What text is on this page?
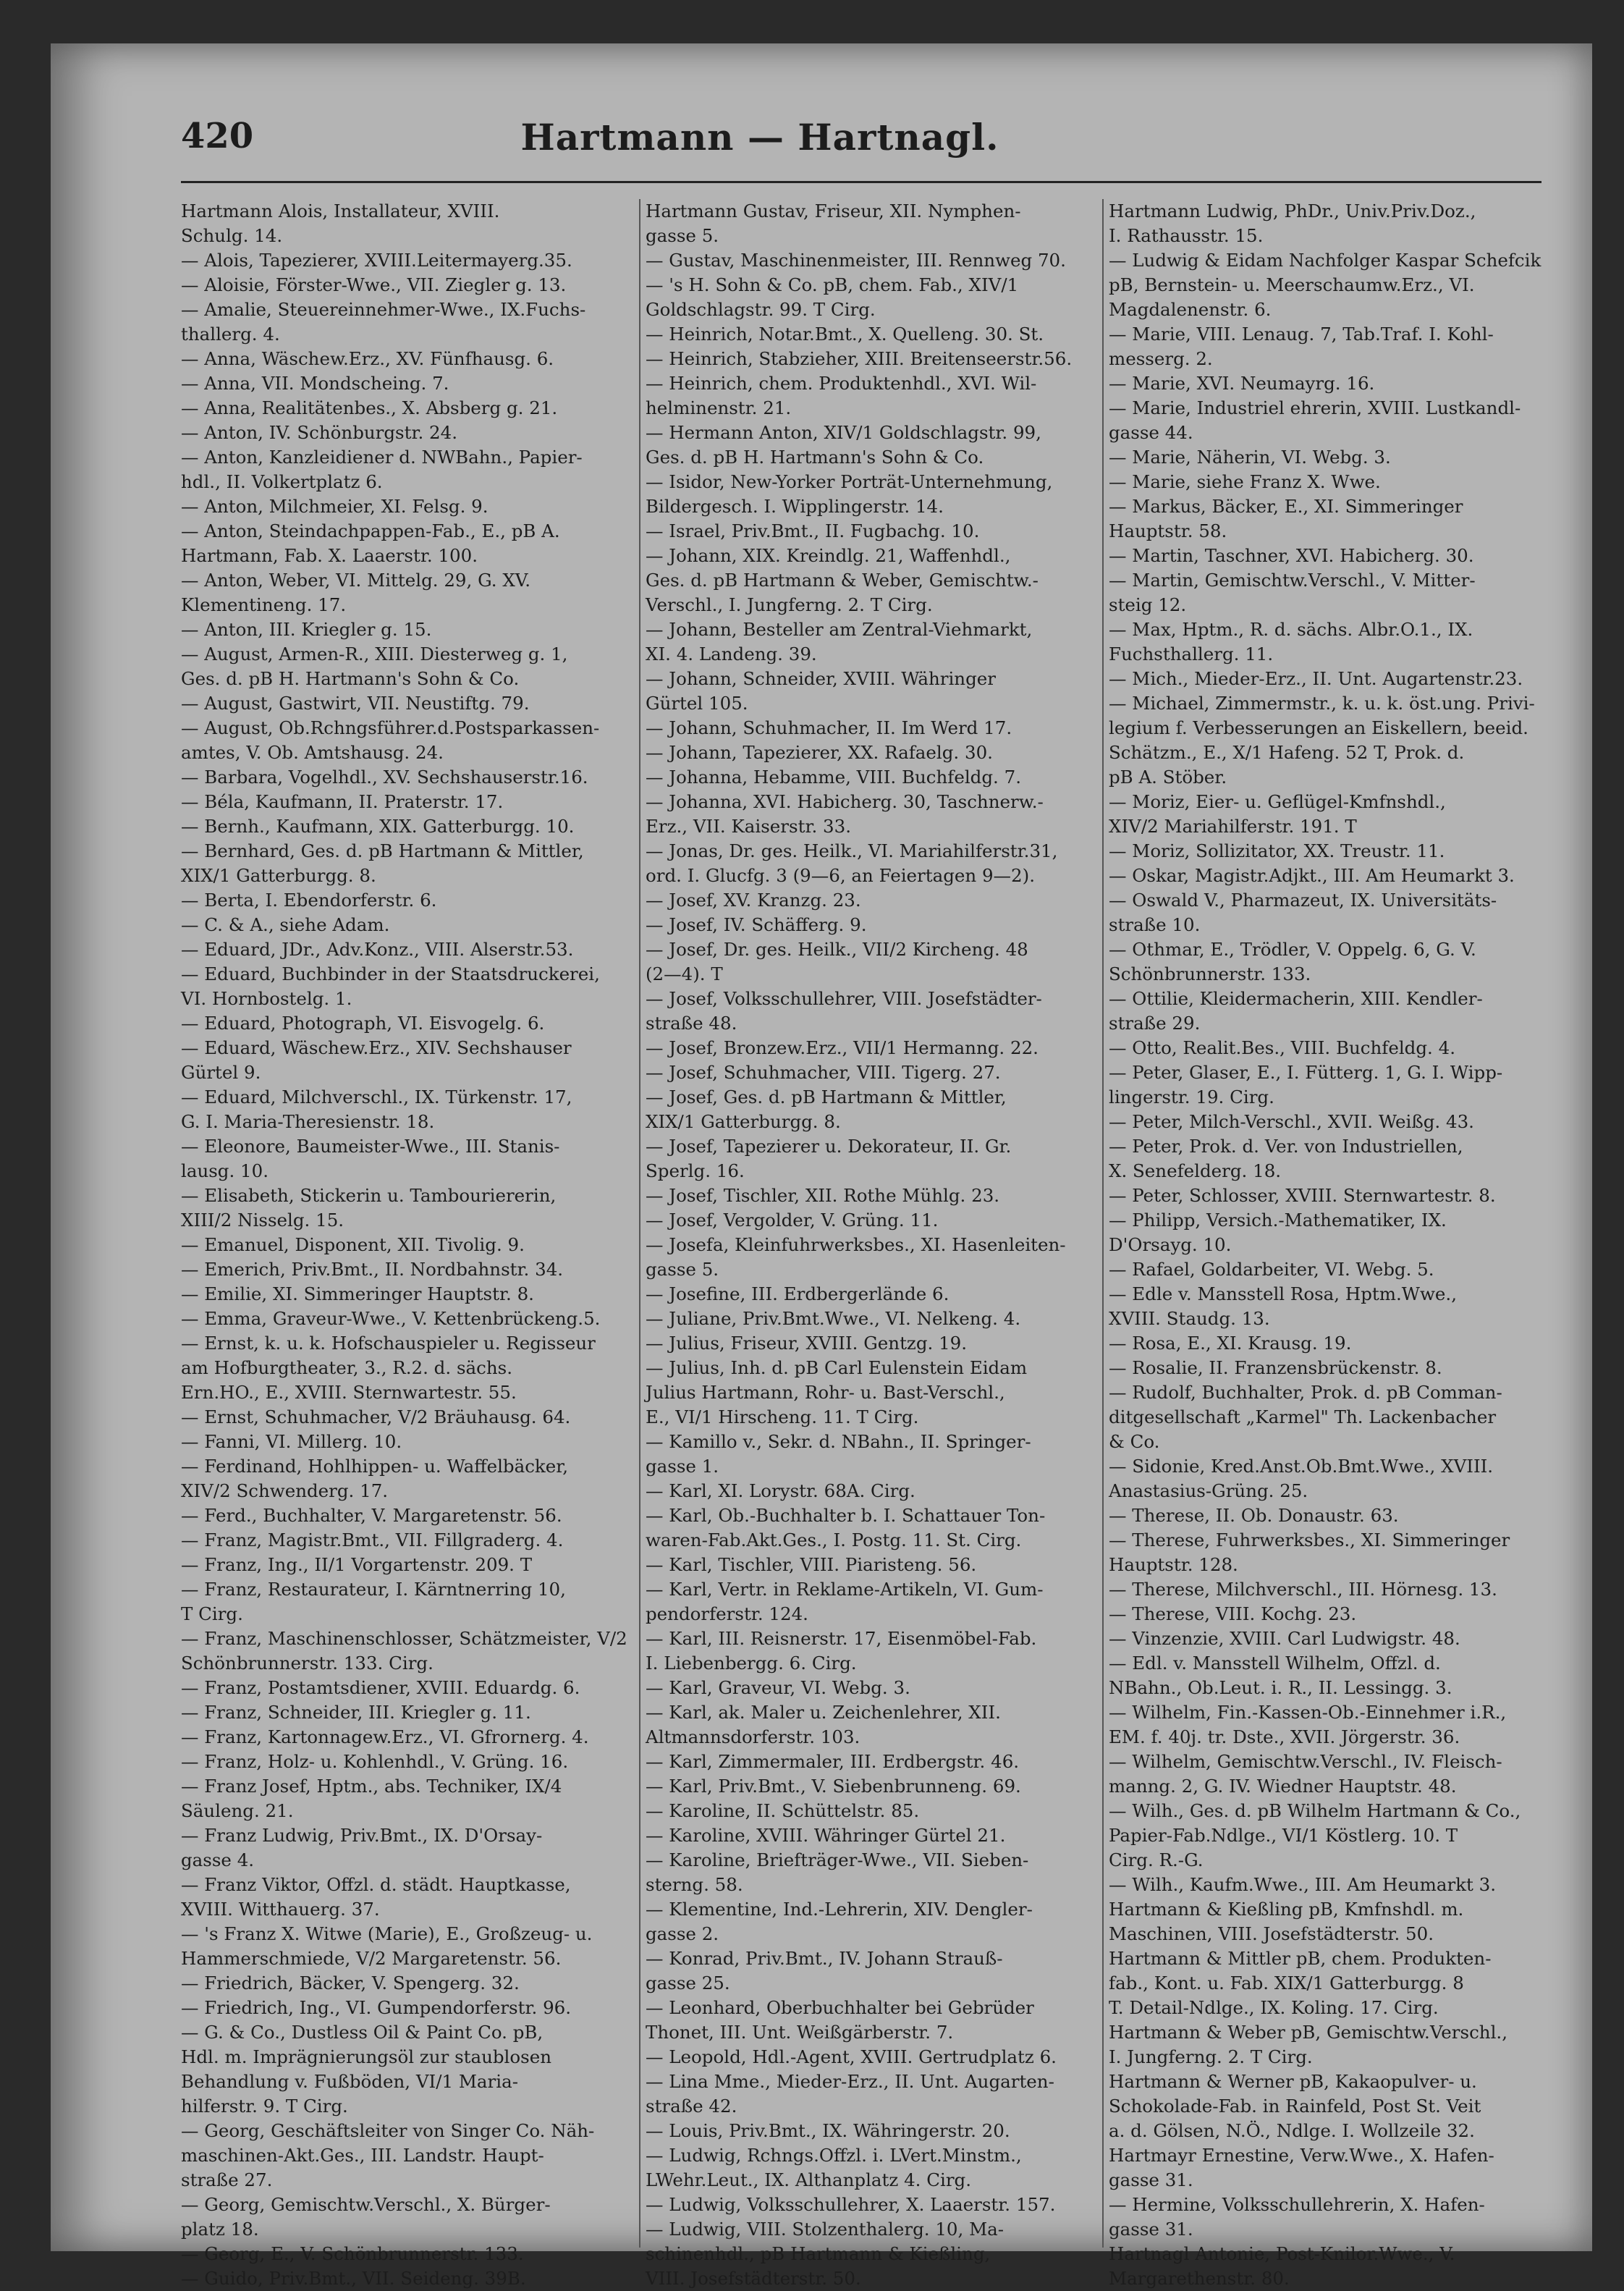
420	Hartmann — Hartnagl.
Hartmann Alois, Installateur, XVIII.
Schulg. 14.
— Alois, Tapezierer, XVIII.Leitermayerg.35.
— Aloisie, Förster-Wwe., VII. Ziegler g. 13.
— Amalie, Steuereinnehmer-Wwe., IX.Fuchs-
thallerg. 4.
— Anna, Wäschew.Erz., XV. Fünfhausg. 6.
— Anna, VII. Mondscheing. 7.
— Anna, Realitätenbes., X. Absberg g. 21.
— Anton, IV. Schönburgstr. 24.
— Anton, Kanzleidiener d. NWBahn., Papier-
hdl., II. Volkertplatz 6.
— Anton, Milchmeier, XI. Felsg. 9.
— Anton, Steindachpappen-Fab., E., pB A.
Hartmann, Fab. X. Laaerstr. 100.
— Anton, Weber, VI. Mittelg. 29, G. XV.
Klementineng. 17.
— Anton, III. Kriegler g. 15.
— August, Armen-R., XIII. Diesterweg g. 1,
Ges. d. pB H. Hartmann's Sohn & Co.
— August, Gastwirt, VII. Neustiftg. 79.
— August, Ob.Rchngsführer.d.Postsparkassen-
amtes, V. Ob. Amtshausg. 24.
— Barbara, Vogelhdl., XV. Sechshauserstr.16.
— Béla, Kaufmann, II. Praterstr. 17.
— Bernh., Kaufmann, XIX. Gatterburgg. 10.
— Bernhard, Ges. d. pB Hartmann & Mittler,
XIX/1 Gatterburgg. 8.
— Berta, I. Ebendorferstr. 6.
— C. & A., siehe Adam.
— Eduard, JDr., Adv.Konz., VIII. Alserstr.53.
— Eduard, Buchbinder in der Staatsdruckerei,
VI. Hornbostelg. 1.
— Eduard, Photograph, VI. Eisvogelg. 6.
— Eduard, Wäschew.Erz., XIV. Sechshauser
Gürtel 9.
— Eduard, Milchverschl., IX. Türkenstr. 17,
G. I. Maria-Theresienstr. 18.
— Eleonore, Baumeister-Wwe., III. Stanis-
lausg. 10.
— Elisabeth, Stickerin u. Tambouriererin,
XIII/2 Nisselg. 15.
— Emanuel, Disponent, XII. Tivolig. 9.
— Emerich, Priv.Bmt., II. Nordbahnstr. 34.
— Emilie, XI. Simmeringer Hauptstr. 8.
— Emma, Graveur-Wwe., V. Kettenbrückeng.5.
— Ernst, k. u. k. Hofschauspieler u. Regisseur
am Hofburgtheater, 3., R.2. d. sächs.
Ern.HO., E., XVIII. Sternwartestr. 55.
— Ernst, Schuhmacher, V/2 Bräuhausg. 64.
— Fanni, VI. Millerg. 10.
— Ferdinand, Hohlhippen- u. Waffelbäcker,
XIV/2 Schwenderg. 17.
— Ferd., Buchhalter, V. Margaretenstr. 56.
— Franz, Magistr.Bmt., VII. Fillgraderg. 4.
— Franz, Ing., II/1 Vorgartenstr. 209. T
— Franz, Restaurateur, I. Kärntnerring 10,
T Cirg.
— Franz, Maschinenschlosser, Schätzmeister, V/2
Schönbrunnerstr. 133. Cirg.
— Franz, Postamtsdiener, XVIII. Eduardg. 6.
— Franz, Schneider, III. Kriegler g. 11.
— Franz, Kartonnagew.Erz., VI. Gfrornerg. 4.
— Franz, Holz- u. Kohlenhdl., V. Grüng. 16.
— Franz Josef, Hptm., abs. Techniker, IX/4
Säuleng. 21.
— Franz Ludwig, Priv.Bmt., IX. D'Orsay-
gasse 4.
— Franz Viktor, Offzl. d. städt. Hauptkasse,
XVIII. Witthauerg. 37.
— 's Franz X. Witwe (Marie), E., Großzeug- u.
Hammerschmiede, V/2 Margaretenstr. 56.
— Friedrich, Bäcker, V. Spengerg. 32.
— Friedrich, Ing., VI. Gumpendorferstr. 96.
— G. & Co., Dustless Oil & Paint Co. pB,
Hdl. m. Imprägnierungsöl zur staublosen
Behandlung v. Fußböden, VI/1 Maria-
hilferstr. 9. T Cirg.
— Georg, Geschäftsleiter von Singer Co. Näh-
maschinen-Akt.Ges., III. Landstr. Haupt-
straße 27.
— Georg, Gemischtw.Verschl., X. Bürger-
platz 18.
— Georg, E., V. Schönbrunnerstr. 133.
— Guido, Priv.Bmt., VII. Seideng. 39B.
Hartmann Gustav, Friseur, XII. Nymphen-
gasse 5.
— Gustav, Maschinenmeister, III. Rennweg 70.
— 's H. Sohn & Co. pB, chem. Fab., XIV/1
Goldschlagstr. 99. T Cirg.
— Heinrich, Notar.Bmt., X. Quelleng. 30. St.
— Heinrich, Stabzieher, XIII. Breitenseerstr.56.
— Heinrich, chem. Produktenhdl., XVI. Wil-
helminenstr. 21.
— Hermann Anton, XIV/1 Goldschlagstr. 99,
Ges. d. pB H. Hartmann's Sohn & Co.
— Isidor, New-Yorker Porträt-Unternehmung,
Bildergesch. I. Wipplingerstr. 14.
— Israel, Priv.Bmt., II. Fugbachg. 10.
— Johann, XIX. Kreindlg. 21, Waffenhdl.,
Ges. d. pB Hartmann & Weber, Gemischtw.-
Verschl., I. Jungferng. 2. T Cirg.
— Johann, Besteller am Zentral-Viehmarkt,
XI. 4. Landeng. 39.
— Johann, Schneider, XVIII. Währinger
Gürtel 105.
— Johann, Schuhmacher, II. Im Werd 17.
— Johann, Tapezierer, XX. Rafaelg. 30.
— Johanna, Hebamme, VIII. Buchfeldg. 7.
— Johanna, XVI. Habicherg. 30, Taschnerw.-
Erz., VII. Kaiserstr. 33.
— Jonas, Dr. ges. Heilk., VI. Mariahilferstr.31,
ord. I. Glucfg. 3 (9—6, an Feiertagen 9—2).
— Josef, XV. Kranzg. 23.
— Josef, IV. Schäfferg. 9.
— Josef, Dr. ges. Heilk., VII/2 Kircheng. 48
(2—4). T
— Josef, Volksschullehrer, VIII. Josefstädter-
straße 48.
— Josef, Bronzew.Erz., VII/1 Hermanng. 22.
— Josef, Schuhmacher, VIII. Tigerg. 27.
— Josef, Ges. d. pB Hartmann & Mittler,
XIX/1 Gatterburgg. 8.
— Josef, Tapezierer u. Dekorateur, II. Gr.
Sperlg. 16.
— Josef, Tischler, XII. Rothe Mühlg. 23.
— Josef, Vergolder, V. Grüng. 11.
— Josefa, Kleinfuhrwerksbes., XI. Hasenleiten-
gasse 5.
— Josefine, III. Erdbergerlände 6.
— Juliane, Priv.Bmt.Wwe., VI. Nelkeng. 4.
— Julius, Friseur, XVIII. Gentzg. 19.
— Julius, Inh. d. pB Carl Eulenstein Eidam
Julius Hartmann, Rohr- u. Bast-Verschl.,
E., VI/1 Hirscheng. 11. T Cirg.
— Kamillo v., Sekr. d. NBahn., II. Springer-
gasse 1.
— Karl, XI. Lorystr. 68A. Cirg.
— Karl, Ob.-Buchhalter b. I. Schattauer Ton-
waren-Fab.Akt.Ges., I. Postg. 11. St. Cirg.
— Karl, Tischler, VIII. Piaristeng. 56.
— Karl, Vertr. in Reklame-Artikeln, VI. Gum-
pendorferstr. 124.
— Karl, III. Reisnerstr. 17, Eisenmöbel-Fab.
I. Liebenbergg. 6. Cirg.
— Karl, Graveur, VI. Webg. 3.
— Karl, ak. Maler u. Zeichenlehrer, XII.
Altmannsdorferstr. 103.
— Karl, Zimmermaler, III. Erdbergstr. 46.
— Karl, Priv.Bmt., V. Siebenbrunneng. 69.
— Karoline, II. Schüttelstr. 85.
— Karoline, XVIII. Währinger Gürtel 21.
— Karoline, Briefträger-Wwe., VII. Sieben-
sterng. 58.
— Klementine, Ind.-Lehrerin, XIV. Dengler-
gasse 2.
— Konrad, Priv.Bmt., IV. Johann Strauß-
gasse 25.
— Leonhard, Oberbuchhalter bei Gebrüder
Thonet, III. Unt. Weißgärberstr. 7.
— Leopold, Hdl.-Agent, XVIII. Gertrudplatz 6.
— Lina Mme., Mieder-Erz., II. Unt. Augarten-
straße 42.
— Louis, Priv.Bmt., IX. Währingerstr. 20.
— Ludwig, Rchngs.Offzl. i. LVert.Minstm.,
LWehr.Leut., IX. Althanplatz 4. Cirg.
— Ludwig, Volksschullehrer, X. Laaerstr. 157.
— Ludwig, VIII. Stolzenthalerg. 10, Ma-
schinenhdl., pB Hartmann & Kießling,
VIII. Josefstädterstr. 50.
Hartmann Ludwig, PhDr., Univ.Priv.Doz.,
I. Rathausstr. 15.
— Ludwig & Eidam Nachfolger Kaspar Schefcik
pB, Bernstein- u. Meerschaumw.Erz., VI.
Magdalenenstr. 6.
— Marie, VIII. Lenaug. 7, Tab.Traf. I. Kohl-
messerg. 2.
— Marie, XVI. Neumayrg. 16.
— Marie, Industriel ehrerin, XVIII. Lustkandl-
gasse 44.
— Marie, Näherin, VI. Webg. 3.
— Marie, siehe Franz X. Wwe.
— Markus, Bäcker, E., XI. Simmeringer
Hauptstr. 58.
— Martin, Taschner, XVI. Habicherg. 30.
— Martin, Gemischtw.Verschl., V. Mitter-
steig 12.
— Max, Hptm., R. d. sächs. Albr.O.1., IX.
Fuchsthallerg. 11.
— Mich., Mieder-Erz., II. Unt. Augartenstr.23.
— Michael, Zimmermstr., k. u. k. öst.ung. Privi-
legium f. Verbesserungen an Eiskellern, beeid.
Schätzm., E., X/1 Hafeng. 52 T, Prok. d.
pB A. Stöber.
— Moriz, Eier- u. Geflügel-Kmfnshdl.,
XIV/2 Mariahilferstr. 191. T
— Moriz, Sollizitator, XX. Treustr. 11.
— Oskar, Magistr.Adjkt., III. Am Heumarkt 3.
— Oswald V., Pharmazeut, IX. Universitäts-
straße 10.
— Othmar, E., Trödler, V. Oppelg. 6, G. V.
Schönbrunnerstr. 133.
— Ottilie, Kleidermacherin, XIII. Kendler-
straße 29.
— Otto, Realit.Bes., VIII. Buchfeldg. 4.
— Peter, Glaser, E., I. Fütterg. 1, G. I. Wipp-
lingerstr. 19. Cirg.
— Peter, Milch-Verschl., XVII. Weißg. 43.
— Peter, Prok. d. Ver. von Industriellen,
X. Senefelderg. 18.
— Peter, Schlosser, XVIII. Sternwartestr. 8.
— Philipp, Versich.-Mathematiker, IX.
D'Orsayg. 10.
— Rafael, Goldarbeiter, VI. Webg. 5.
— Edle v. Mansstell Rosa, Hptm.Wwe.,
XVIII. Staudg. 13.
— Rosa, E., XI. Krausg. 19.
— Rosalie, II. Franzensbrückenstr. 8.
— Rudolf, Buchhalter, Prok. d. pB Comman-
ditgesellschaft „Karmel" Th. Lackenbacher
& Co.
— Sidonie, Kred.Anst.Ob.Bmt.Wwe., XVIII.
Anastasius-Grüng. 25.
— Therese, II. Ob. Donaustr. 63.
— Therese, Fuhrwerksbes., XI. Simmeringer
Hauptstr. 128.
— Therese, Milchverschl., III. Hörnesg. 13.
— Therese, VIII. Kochg. 23.
— Vinzenzie, XVIII. Carl Ludwigstr. 48.
— Edl. v. Mansstell Wilhelm, Offzl. d.
NBahn., Ob.Leut. i. R., II. Lessingg. 3.
— Wilhelm, Fin.-Kassen-Ob.-Einnehmer i.R.,
EM. f. 40j. tr. Dste., XVII. Jörgerstr. 36.
— Wilhelm, Gemischtw.Verschl., IV. Fleisch-
manng. 2, G. IV. Wiedner Hauptstr. 48.
— Wilh., Ges. d. pB Wilhelm Hartmann & Co.,
Papier-Fab.Ndlge., VI/1 Köstlerg. 10. T
Cirg. R.-G.
— Wilh., Kaufm.Wwe., III. Am Heumarkt 3.
Hartmann & Kießling pB, Kmfnshdl. m.
Maschinen, VIII. Josefstädterstr. 50.
Hartmann & Mittler pB, chem. Produkten-
fab., Kont. u. Fab. XIX/1 Gatterburgg. 8
T. Detail-Ndlge., IX. Koling. 17. Cirg.
Hartmann & Weber pB, Gemischtw.Verschl.,
I. Jungferng. 2. T Cirg.
Hartmann & Werner pB, Kakaopulver- u.
Schokolade-Fab. in Rainfeld, Post St. Veit
a. d. Gölsen, N.Ö., Ndlge. I. Wollzeile 32.
Hartmayr Ernestine, Verw.Wwe., X. Hafen-
gasse 31.
— Hermine, Volksschullehrerin, X. Hafen-
gasse 31.
Hartnagl Antonie, Post-Knilor.Wwe., V.
Margarethenstr. 80.
